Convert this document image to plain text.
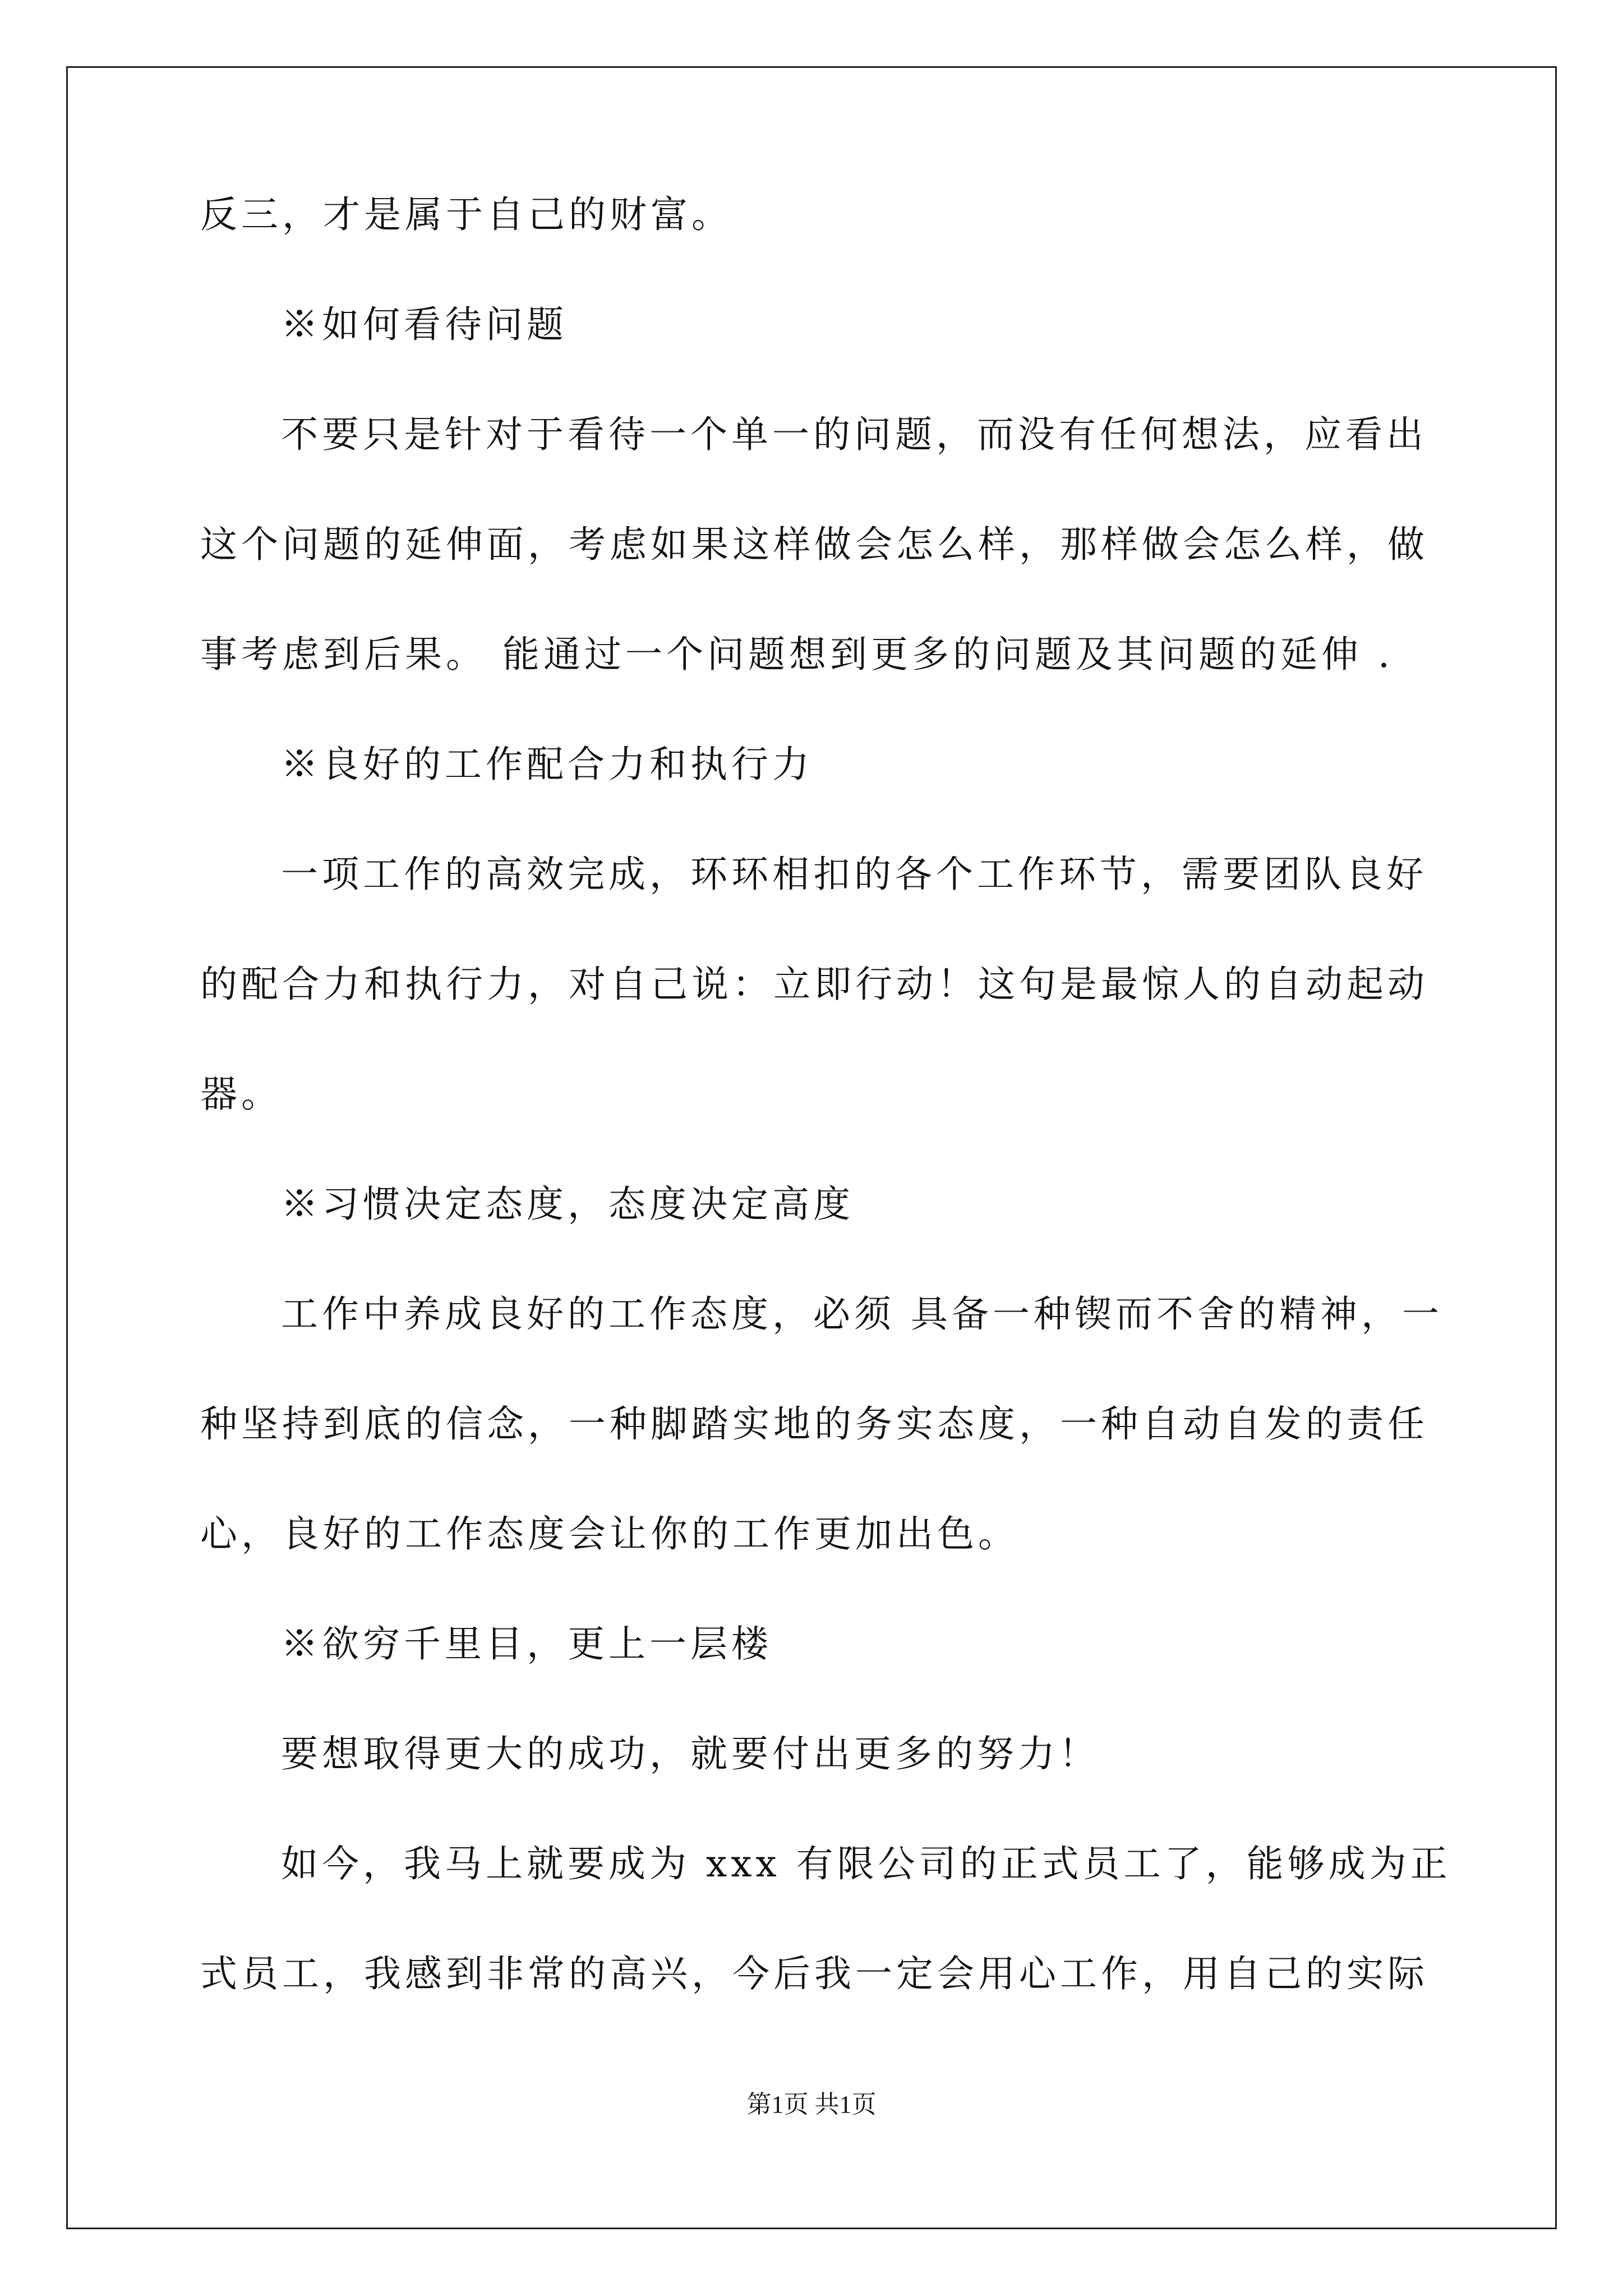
反三，才是属于自己的财富。

※如何看待问题

不要只是针对于看待一个单一的问题，而没有任何想法，应看出

这个问题的延伸面，考虑如果这样做会怎么样，那样做会怎么样，做

事考虑到后果。 能通过一个问题想到更多的问题及其问题的延伸 .

※良好的工作配合力和执行力

一项工作的高效完成，环环相扣的各个工作环节，需要团队良好

的配合力和执行力，对自己说：立即行动！这句是最惊人的自动起动

器。

※习惯决定态度，态度决定高度

工作中养成良好的工作态度，必须 具备一种锲而不舍的精神，一

种坚持到底的信念，一种脚踏实地的务实态度，一种自动自发的责任

心，良好的工作态度会让你的工作更加出色。

※欲穷千里目，更上一层楼

要想取得更大的成功，就要付出更多的努力！

如今，我马上就要成为 xxx 有限公司的正式员工了，能够成为正

式员工，我感到非常的高兴，今后我一定会用心工作，用自己的实际

第1页 共1页
